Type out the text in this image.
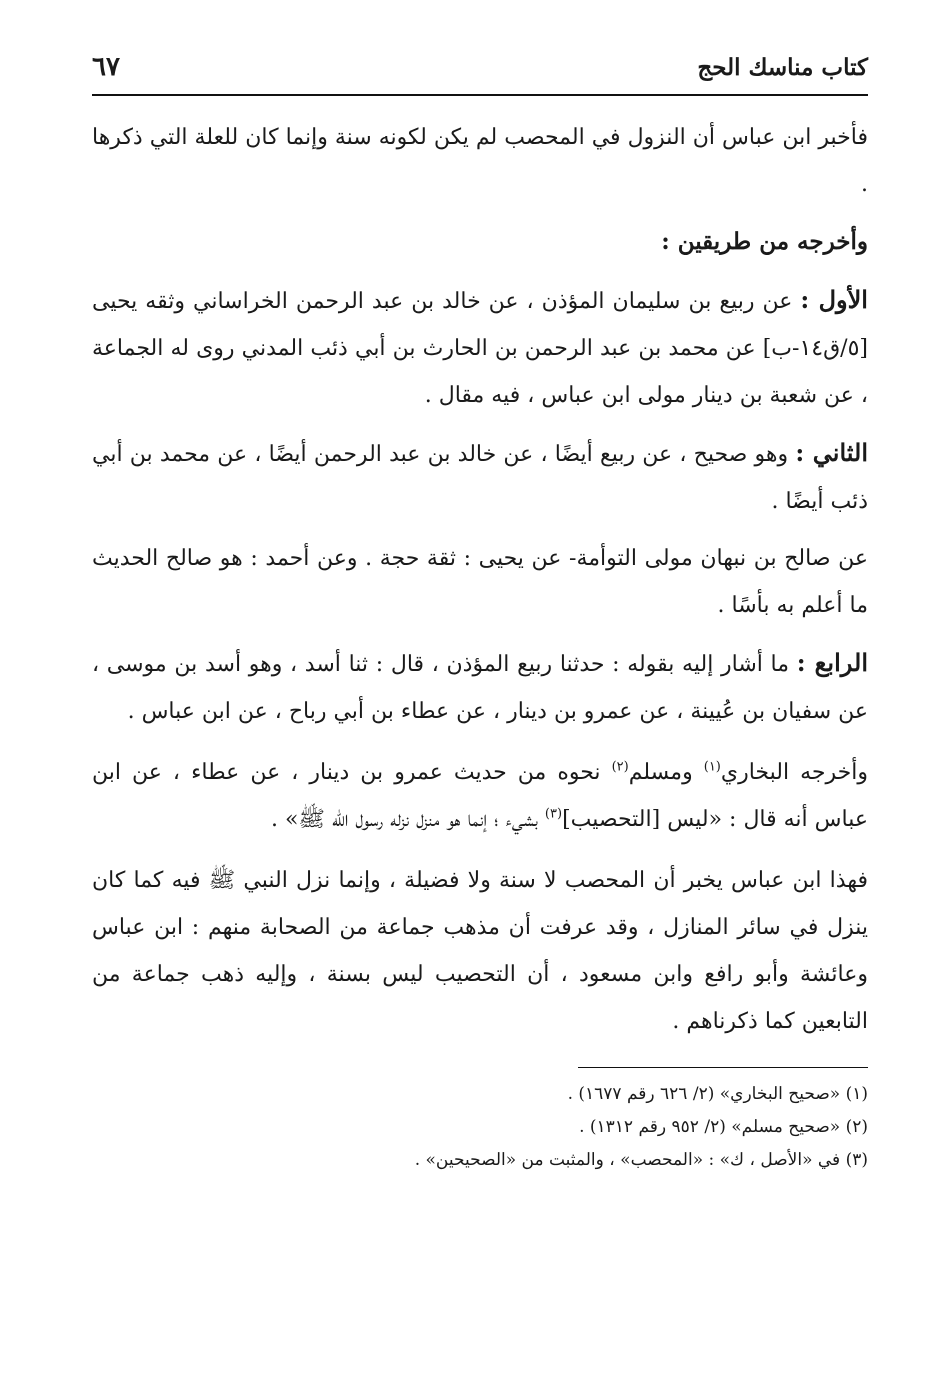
كتاب مناسك الحج
٦٧

فأخبر ابن عباس أن النزول في المحصب لم يكن لكونه سنة وإنما كان للعلة التي ذكرها .

وأخرجه من طريقين :

الأول : عن ربيع بن سليمان المؤذن ، عن خالد بن عبد الرحمن الخراساني وثقه يحيى [٥/ق١٤-ب] عن محمد بن عبد الرحمن بن الحارث بن أبي ذئب المدني روى له الجماعة ، عن شعبة بن دينار مولى ابن عباس ، فيه مقال .

الثاني : وهو صحيح ، عن ربيع أيضًا ، عن خالد بن عبد الرحمن أيضًا ، عن محمد بن أبي ذئب أيضًا .

عن صالح بن نبهان مولى التوأمة- عن يحيى : ثقة حجة . وعن أحمد : هو صالح الحديث ما أعلم به بأسًا .

الرابع : ما أشار إليه بقوله : حدثنا ربيع المؤذن ، قال : ثنا أسد ، وهو أسد بن موسى ، عن سفيان بن عُيينة ، عن عمرو بن دينار ، عن عطاء بن أبي رباح ، عن ابن عباس .

وأخرجه البخاري$^{(١)}$ ومسلم$^{(٢)}$ نحوه من حديث عمرو بن دينار ، عن عطاء ، عن ابن عباس أنه قال : «ليس [التحصيب]$^{(٣)}$ بشيء ؛ إنما هو منزل نزله رسول الله ﷺ» .

فهذا ابن عباس يخبر أن المحصب لا سنة ولا فضيلة ، وإنما نزل النبي ﷺ فيه كما كان ينزل في سائر المنازل ، وقد عرفت أن مذهب جماعة من الصحابة منهم : ابن عباس وعائشة وأبو رافع وابن مسعود ، أن التحصيب ليس بسنة ، وإليه ذهب جماعة من التابعين كما ذكرناهم .

(١) «صحيح البخاري» (٢/ ٦٢٦ رقم ١٦٧٧) .

(٢) «صحيح مسلم» (٢/ ٩٥٢ رقم ١٣١٢) .

(٣) في «الأصل ، ك» : «المحصب» ، والمثبت من «الصحيحين» .
